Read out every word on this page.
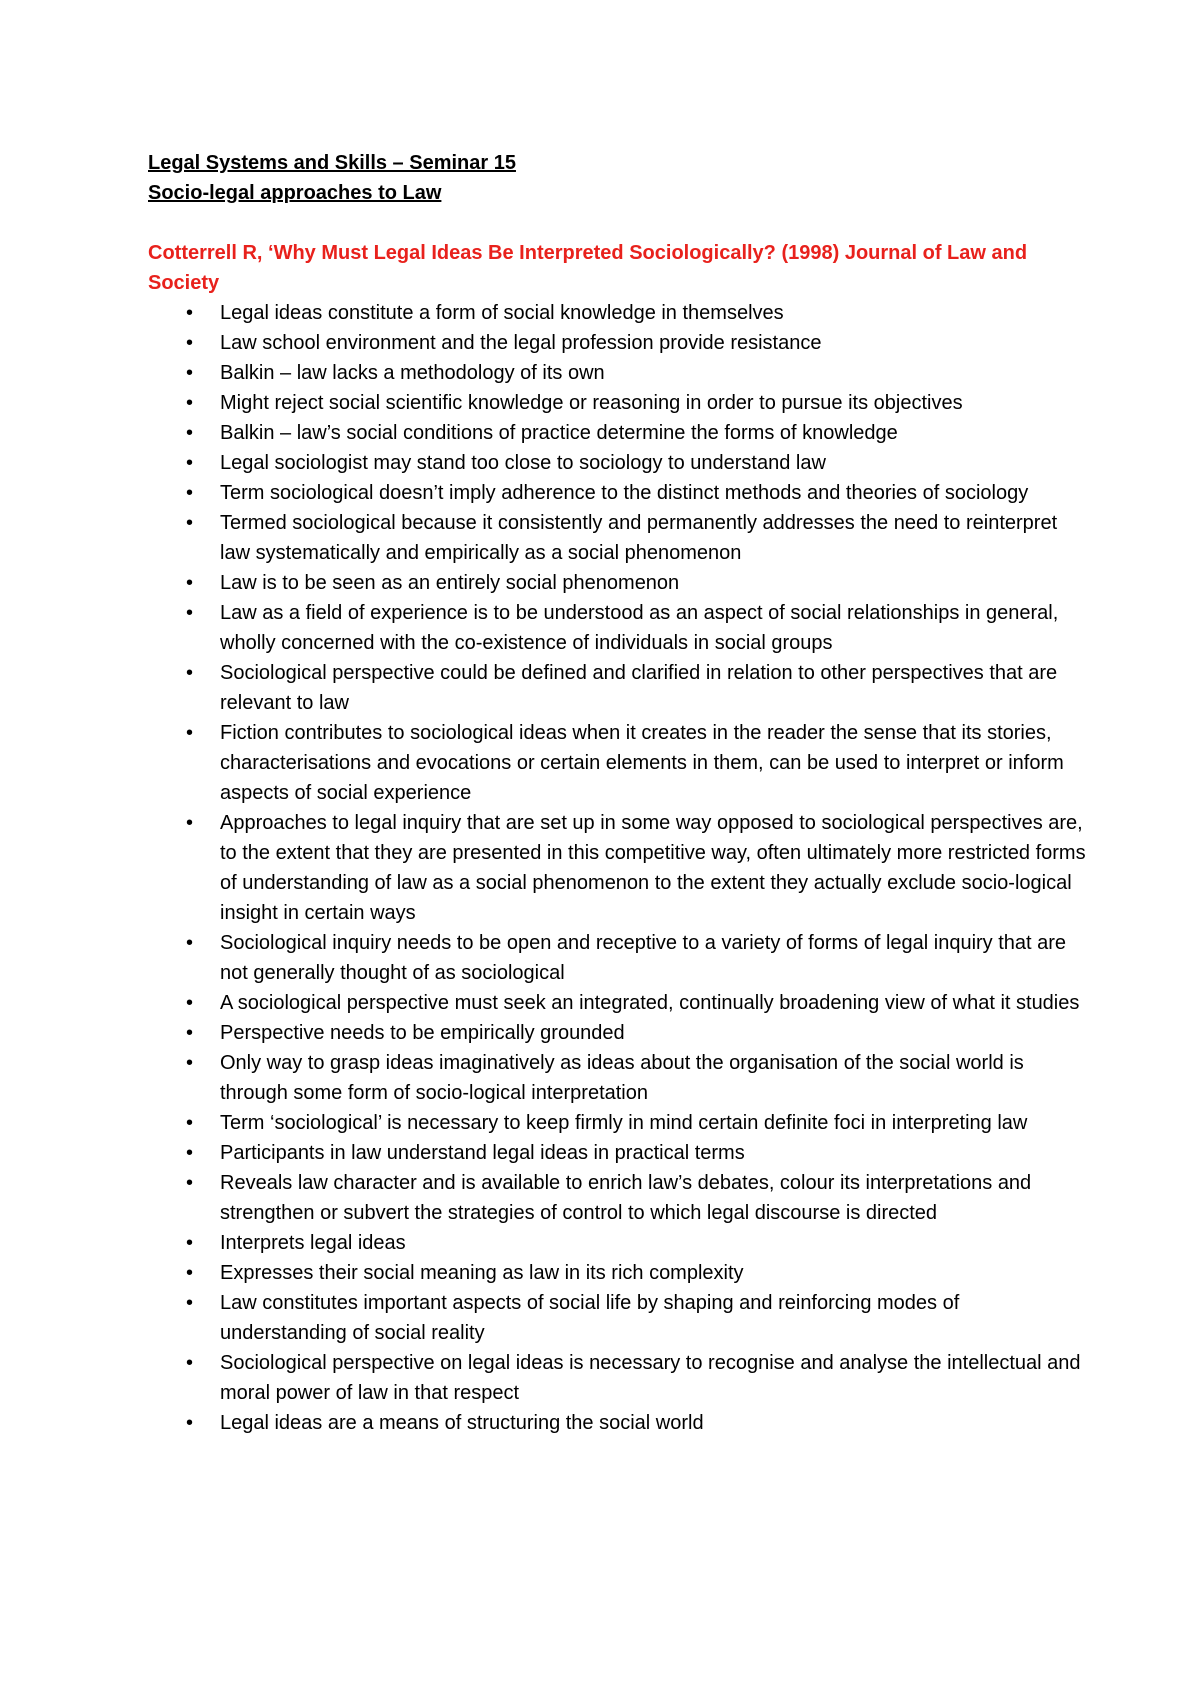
Legal Systems and Skills – Seminar 15

Socio-legal approaches to Law

Cotterrell R, ‘Why Must Legal Ideas Be Interpreted Sociologically? (1998) Journal of Law and Society

•	Legal ideas constitute a form of social knowledge in themselves
•	Law school environment and the legal profession provide resistance
•	Balkin – law lacks a methodology of its own
•	Might reject social scientific knowledge or reasoning in order to pursue its objectives
•	Balkin – law’s social conditions of practice determine the forms of knowledge
•	Legal sociologist may stand too close to sociology to understand law
•	Term sociological doesn’t imply adherence to the distinct methods and theories of sociology
•	Termed sociological because it consistently and permanently addresses the need to reinterpret law systematically and empirically as a social phenomenon
•	Law is to be seen as an entirely social phenomenon
•	Law as a field of experience is to be understood as an aspect of social relationships in general, wholly concerned with the co-existence of individuals in social groups
•	Sociological perspective could be defined and clarified in relation to other perspectives that are relevant to law
•	Fiction contributes to sociological ideas when it creates in the reader the sense that its stories, characterisations and evocations or certain elements in them, can be used to interpret or inform aspects of social experience
•	Approaches to legal inquiry that are set up in some way opposed to sociological perspectives are, to the extent that they are presented in this competitive way, often ultimately more restricted forms of understanding of law as a social phenomenon to the extent they actually exclude socio-logical insight in certain ways
•	Sociological inquiry needs to be open and receptive to a variety of forms of legal inquiry that are not generally thought of as sociological
•	A sociological perspective must seek an integrated, continually broadening view of what it studies
•	Perspective needs to be empirically grounded
•	Only way to grasp ideas imaginatively as ideas about the organisation of the social world is through some form of socio-logical interpretation
•	Term ‘sociological’ is necessary to keep firmly in mind certain definite foci in interpreting law
•	Participants in law understand legal ideas in practical terms
•	Reveals law character and is available to enrich law’s debates, colour its interpretations and strengthen or subvert the strategies of control to which legal discourse is directed
•	Interprets legal ideas
•	Expresses their social meaning as law in its rich complexity
•	Law constitutes important aspects of social life by shaping and reinforcing modes of understanding of social reality
•	Sociological perspective on legal ideas is necessary to recognise and analyse the intellectual and moral power of law in that respect
•	Legal ideas are a means of structuring the social world
